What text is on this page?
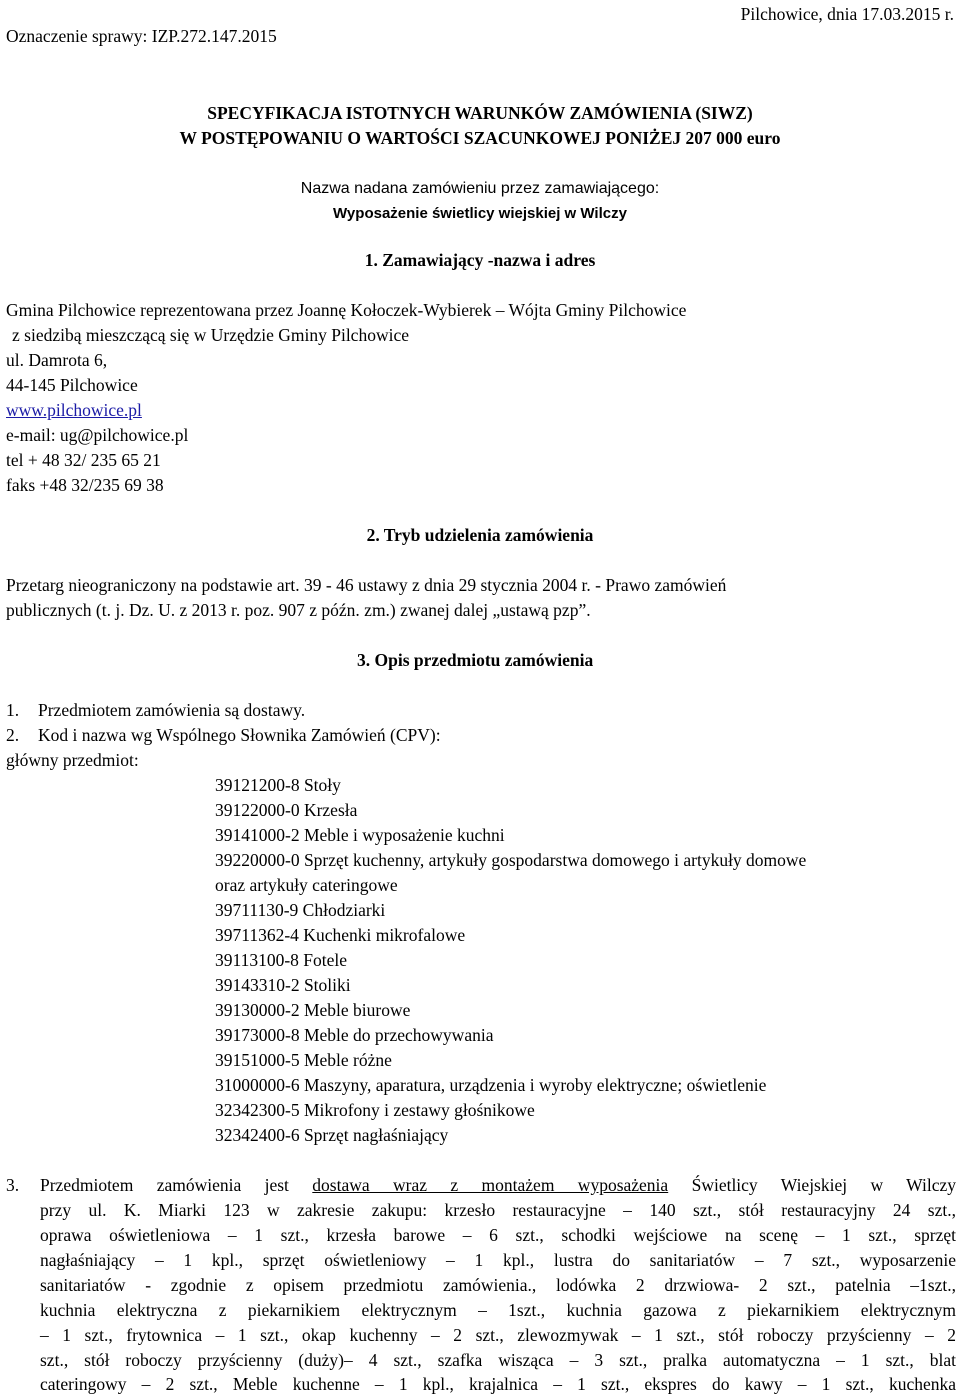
Oznaczenie sprawy: IZP.272.147.2015
Pilchowice, dnia 17.03.2015 r.
SPECYFIKACJA ISTOTNYCH WARUNKÓW ZAMÓWIENIA (SIWZ)
W POSTĘPOWANIU O WARTOŚCI SZACUNKOWEJ PONIŻEJ 207 000 euro
Nazwa nadana zamówieniu przez zamawiającego:
Wyposażenie świetlicy wiejskiej w Wilczy
1. Zamawiający -nazwa i adres
Gmina Pilchowice reprezentowana przez Joannę Kołoczek-Wybierek – Wójta Gminy Pilchowice
z siedzibą mieszczącą się w Urzędzie Gminy Pilchowice
ul. Damrota 6,
44-145 Pilchowice
www.pilchowice.pl
e-mail: ug@pilchowice.pl
tel + 48 32/ 235 65 21
faks +48 32/235 69 38
2. Tryb udzielenia zamówienia
Przetarg nieograniczony na podstawie art. 39 - 46 ustawy z dnia 29 stycznia 2004 r. - Prawo zamówień
publicznych (t. j. Dz. U. z 2013 r. poz. 907 z późn. zm.) zwanej dalej „ustawą pzp”.
3. Opis przedmiotu zamówienia
1. Przedmiotem zamówienia są dostawy.
2. Kod i nazwa wg Wspólnego Słownika Zamówień (CPV):
główny przedmiot:
39121200-8 Stoły
39122000-0 Krzesła
39141000-2 Meble i wyposażenie kuchni
39220000-0 Sprzęt kuchenny, artykuły gospodarstwa domowego i artykuły domowe
oraz artykuły cateringowe
39711130-9 Chłodziarki
39711362-4 Kuchenki mikrofalowe
39113100-8 Fotele
39143310-2 Stoliki
39130000-2 Meble biurowe
39173000-8 Meble do przechowywania
39151000-5 Meble różne
31000000-6 Maszyny, aparatura, urządzenia i wyroby elektryczne; oświetlenie
32342300-5 Mikrofony i zestawy głośnikowe
32342400-6 Sprzęt nagłaśniający
3. Przedmiotem zamówienia jest dostawa wraz z montażem wyposażenia Świetlicy Wiejskiej w Wilczy
przy ul. K. Miarki 123 w zakresie zakupu: krzesło restauracyjne – 140 szt., stół restauracyjny 24 szt.,
oprawa oświetleniowa – 1 szt., krzesła barowe – 6 szt., schodki wejściowe na scenę – 1 szt., sprzęt
nagłaśniający – 1 kpl., sprzęt oświetleniowy – 1 kpl., lustra do sanitariatów – 7 szt., wyposarzenie
sanitariatów - zgodnie z opisem przedmiotu zamówienia., lodówka 2 drzwiowa- 2 szt., patelnia –1szt.,
kuchnia elektryczna z piekarnikiem elektrycznym – 1szt., kuchnia gazowa z piekarnikiem elektrycznym
– 1 szt., frytownica – 1 szt., okap kuchenny – 2 szt., zlewozmywak – 1 szt., stół roboczy przyścienny – 2
szt., stół roboczy przyścienny (duży)– 4 szt., szafka wisząca – 3 szt., pralka automatyczna – 1 szt., blat
cateringowy – 2 szt., Meble kuchenne – 1 kpl., krajalnica – 1 szt., ekspres do kawy – 1 szt., kuchenka
